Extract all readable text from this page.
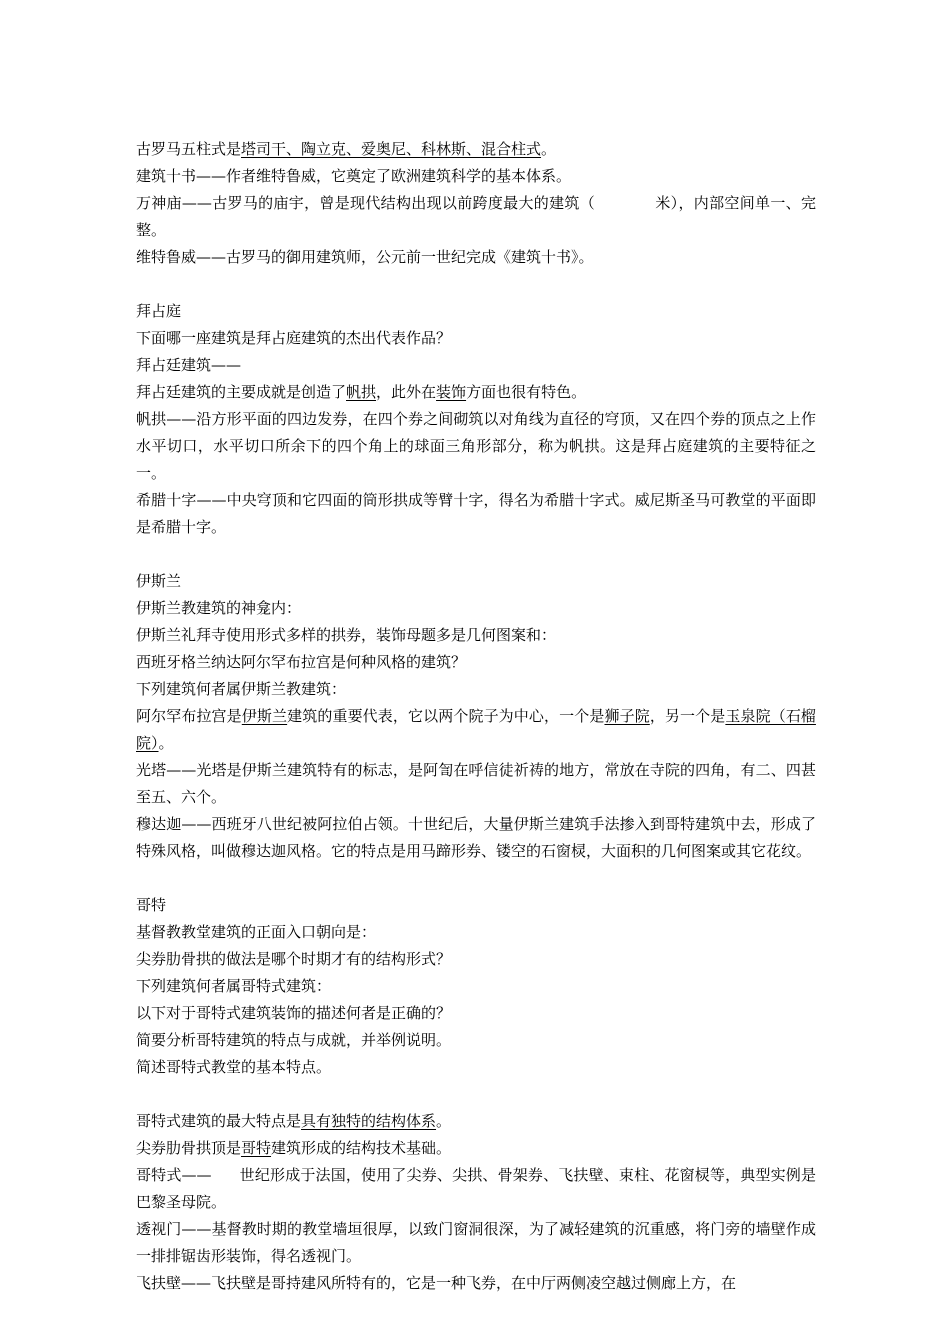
古罗马五柱式是塔司干、陶立克、爱奥尼、科林斯、混合柱式。

建筑十书——作者维特鲁威，它奠定了欧洲建筑科学的基本体系。

万神庙——古罗马的庙宇，曾是现代结构出现以前跨度最大的建筑（	米），内部空间单一、完整。

维特鲁威——古罗马的御用建筑师，公元前一世纪完成《建筑十书》。

拜占庭

下面哪一座建筑是拜占庭建筑的杰出代表作品？

拜占廷建筑——

拜占廷建筑的主要成就是创造了帆拱，此外在装饰方面也很有特色。

帆拱——沿方形平面的四边发券，在四个券之间砌筑以对角线为直径的穹顶，又在四个券的顶点之上作水平切口，水平切口所余下的四个角上的球面三角形部分，称为帆拱。这是拜占庭建筑的主要特征之一。

希腊十字——中央穹顶和它四面的筒形拱成等臂十字，得名为希腊十字式。威尼斯圣马可教堂的平面即是希腊十字。

伊斯兰

伊斯兰教建筑的神龛内：

伊斯兰礼拜寺使用形式多样的拱券，装饰母题多是几何图案和：

西班牙格兰纳达阿尔罕布拉宫是何种风格的建筑？

下列建筑何者属伊斯兰教建筑：

阿尔罕布拉宫是伊斯兰建筑的重要代表，它以两个院子为中心，一个是狮子院，另一个是玉泉院（石榴院）。

光塔——光塔是伊斯兰建筑特有的标志，是阿訇在呼信徒祈祷的地方，常放在寺院的四角，有二、四甚至五、六个。

穆达迦——西班牙八世纪被阿拉伯占领。十世纪后，大量伊斯兰建筑手法掺入到哥特建筑中去，形成了特殊风格，叫做穆达迦风格。它的特点是用马蹄形券、镂空的石窗棂，大面积的几何图案或其它花纹。

哥特

基督教教堂建筑的正面入口朝向是：

尖券肋骨拱的做法是哪个时期才有的结构形式？

下列建筑何者属哥特式建筑：

以下对于哥特式建筑装饰的描述何者是正确的？

简要分析哥特建筑的特点与成就，并举例说明。

简述哥特式教堂的基本特点。

哥特式建筑的最大特点是具有独特的结构体系。

尖券肋骨拱顶是哥特建筑形成的结构技术基础。

哥特式—— 世纪形成于法国，使用了尖券、尖拱、骨架券、飞扶壁、束柱、花窗棂等，典型实例是巴黎圣母院。

透视门——基督教时期的教堂墙垣很厚，以致门窗洞很深，为了减轻建筑的沉重感，将门旁的墙壁作成一排排锯齿形装饰，得名透视门。

飞扶壁——飞扶壁是哥持建风所特有的，它是一种飞券，在中厅两侧凌空越过侧廊上方，在
